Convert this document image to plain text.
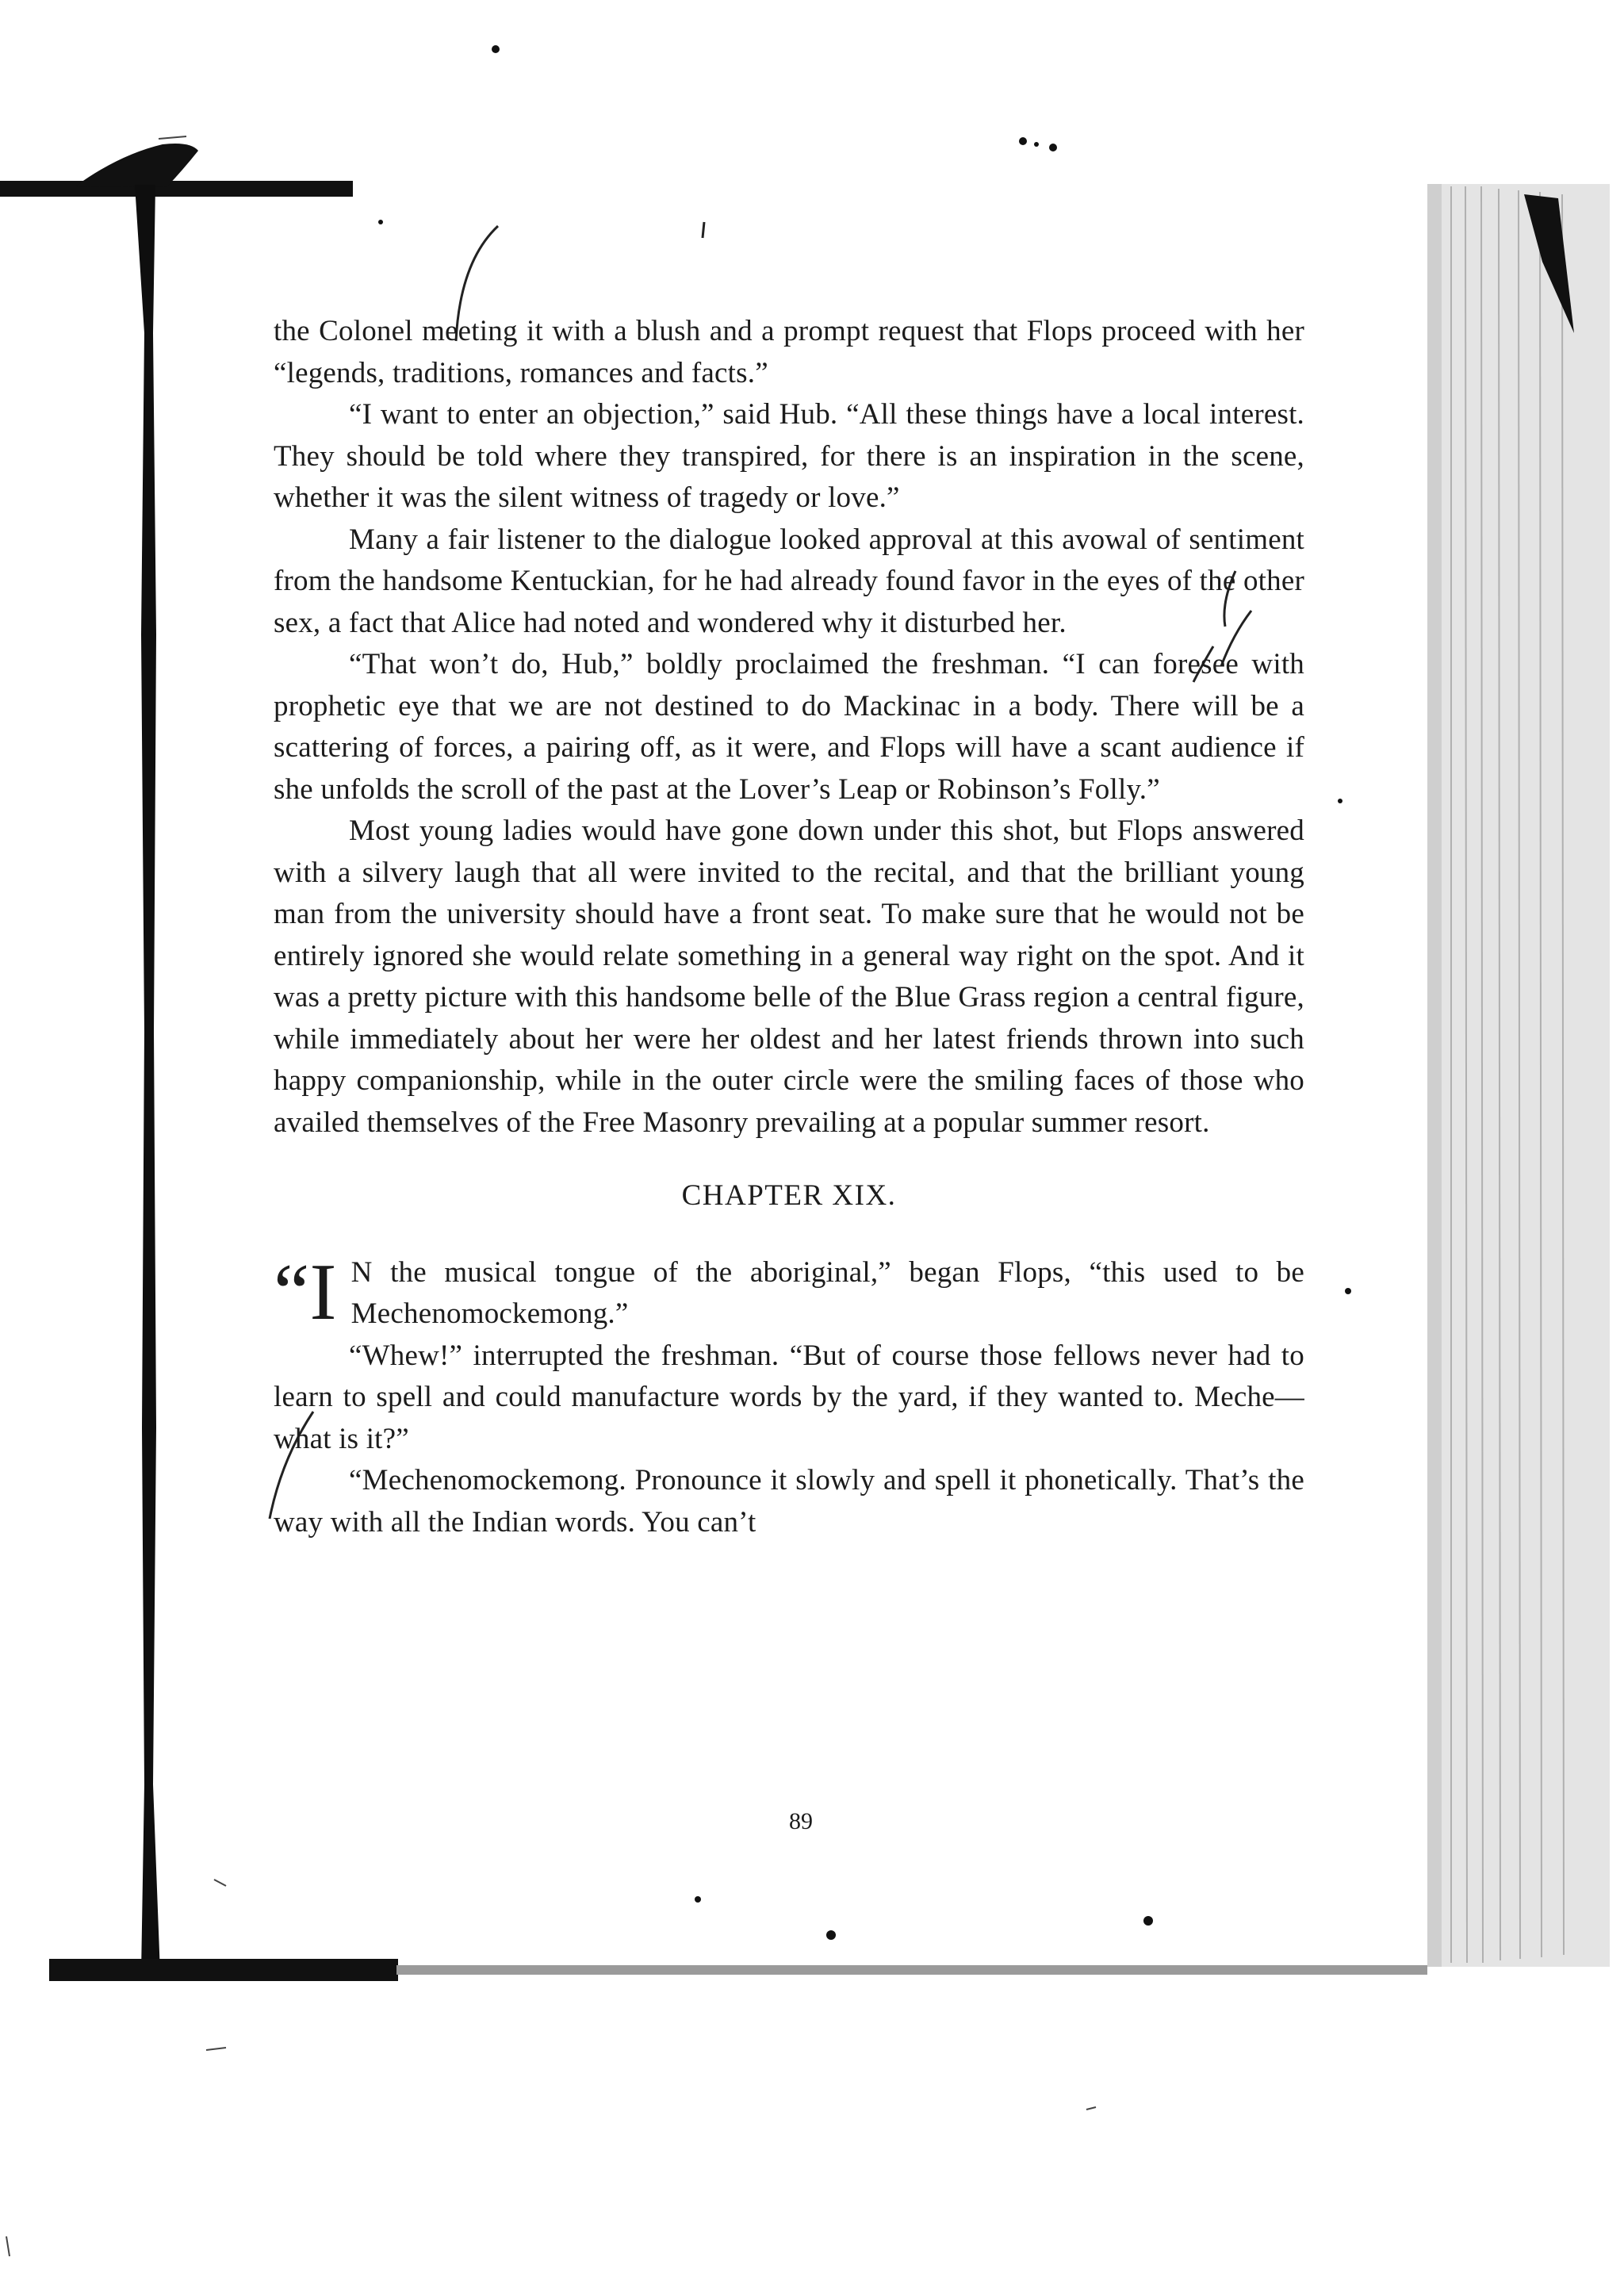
the Colonel meeting it with a blush and a prompt request that Flops proceed with her “legends, traditions, romances and facts.”

“I want to enter an objection,” said Hub. “All these things have a local interest. They should be told where they transpired, for there is an inspiration in the scene, whether it was the silent witness of tragedy or love.”

Many a fair listener to the dialogue looked approval at this avowal of sentiment from the handsome Kentuckian, for he had already found favor in the eyes of the other sex, a fact that Alice had noted and wondered why it disturbed her.

“That won’t do, Hub,” boldly proclaimed the freshman. “I can foresee with prophetic eye that we are not destined to do Mackinac in a body. There will be a scattering of forces, a pairing off, as it were, and Flops will have a scant audience if she unfolds the scroll of the past at the Lover’s Leap or Robinson’s Folly.”

Most young ladies would have gone down under this shot, but Flops answered with a silvery laugh that all were invited to the recital, and that the brilliant young man from the university should have a front seat. To make sure that he would not be entirely ignored she would relate something in a general way right on the spot. And it was a pretty picture with this handsome belle of the Blue Grass region a central figure, while immediately about her were her oldest and her latest friends thrown into such happy companionship, while in the outer circle were the smiling faces of those who availed themselves of the Free Masonry prevailing at a popular summer resort.

CHAPTER XIX.

“I N the musical tongue of the aboriginal,” began Flops, “this used to be Mechenomockemong.”

“Whew!” interrupted the freshman. “But of course those fellows never had to learn to spell and could manufacture words by the yard, if they wanted to. Meche—what is it?”

“Mechenomockemong. Pronounce it slowly and spell it phonetically. That’s the way with all the Indian words. You can’t

89
